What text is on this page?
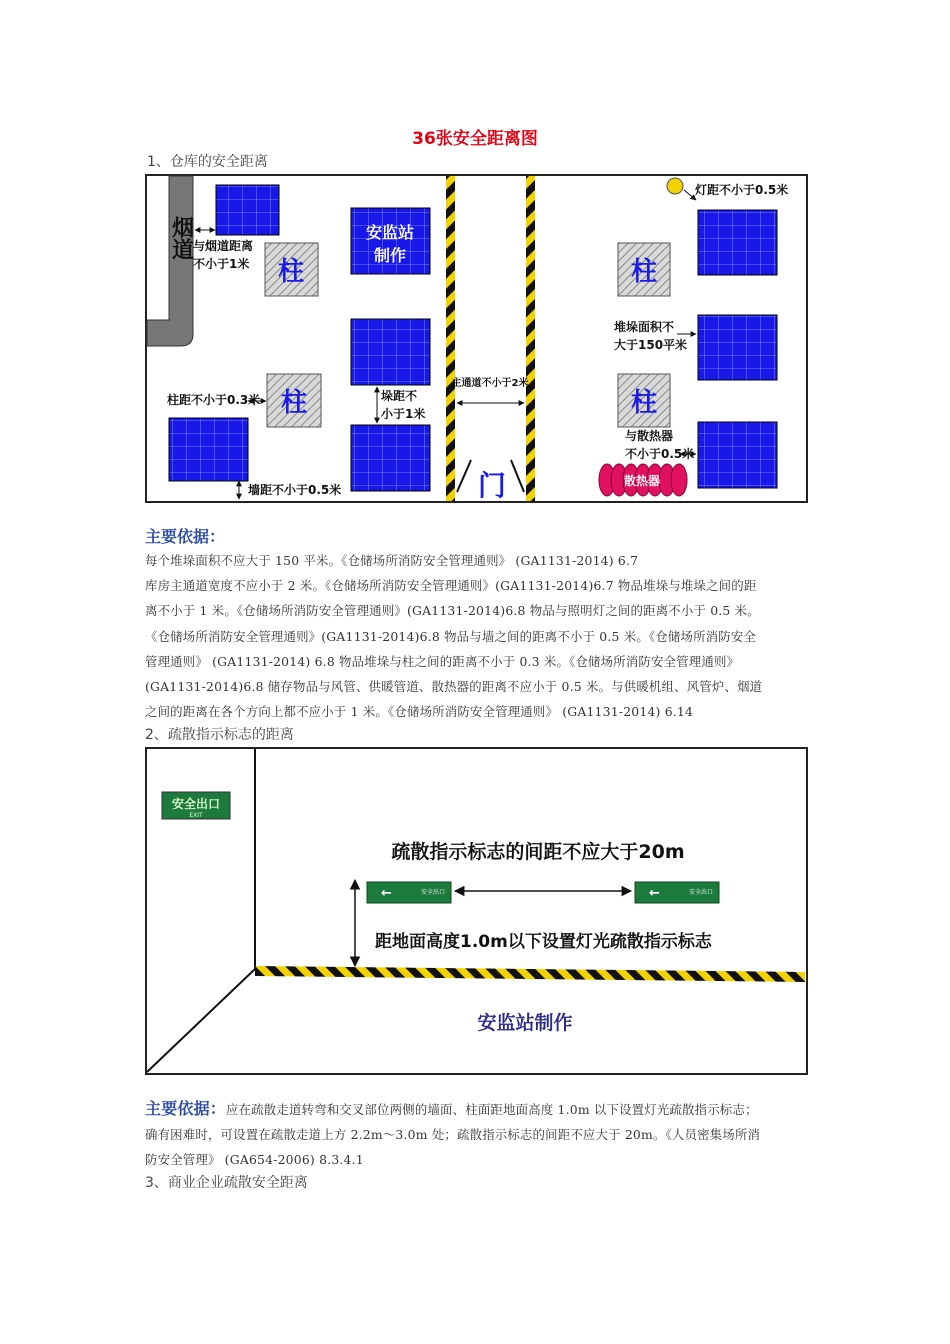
36张安全距离图
1、仓库的安全距离
烟道	安监站
制作
柱
柱
与烟道距离
不小于1米
柱距不小于0.3米	垛距不
小于1米
墙距不小于0.5米
主通道不小于2米
门
灯距不小于0.5米
柱
柱
堆垛面积不
大于150平米
与散热器
不小于0.5米
散热器
主要依据：
每个堆垛面积不应大于 150 平米。《仓储场所消防安全管理通则》 (GA1131-2014) 6.7
库房主通道宽度不应小于 2 米。《仓储场所消防安全管理通则》(GA1131-2014)6.7 物品堆垛与堆垛之间的距
离不小于 1 米。《仓储场所消防安全管理通则》(GA1131-2014)6.8 物品与照明灯之间的距离不小于 0.5 米。
《仓储场所消防安全管理通则》(GA1131-2014)6.8 物品与墙之间的距离不小于 0.5 米。《仓储场所消防安全
管理通则》 (GA1131-2014) 6.8 物品堆垛与柱之间的距离不小于 0.3 米。《仓储场所消防安全管理通则》
(GA1131-2014)6.8 储存物品与风管、供暖管道、散热器的距离不应小于 0.5 米。与供暖机组、风管炉、烟道
之间的距离在各个方向上都不应小于 1 米。《仓储场所消防安全管理通则》 (GA1131-2014) 6.14
2、疏散指示标志的距离
安全出口
EXIT
疏散指示标志的间距不应大于20m
←	安全出口	←	安全出口
距地面高度1.0m以下设置灯光疏散指示标志
安监站制作
主要依据：应在疏散走道转弯和交叉部位两侧的墙面、柱面距地面高度 1.0m 以下设置灯光疏散指示标志；
确有困难时，可设置在疏散走道上方 2.2m～3.0m 处；疏散指示标志的间距不应大于 20m。《人员密集场所消
防安全管理》 (GA654-2006) 8.3.4.1
3、商业企业疏散安全距离
